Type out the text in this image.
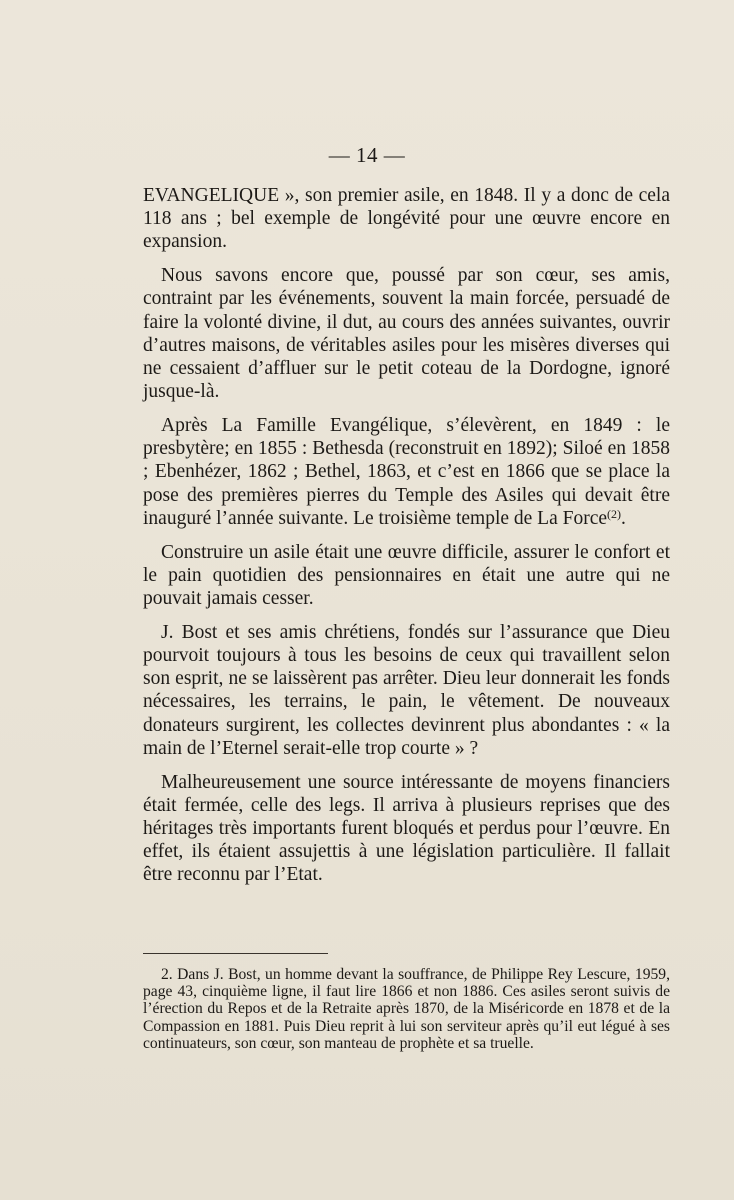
— 14 —

EVANGELIQUE », son premier asile, en 1848. Il y a donc de cela 118 ans ; bel exemple de longévité pour une œuvre encore en expansion.

Nous savons encore que, poussé par son cœur, ses amis, contraint par les événements, souvent la main forcée, persuadé de faire la volonté divine, il dut, au cours des années suivantes, ouvrir d’autres maisons, de véritables asiles pour les misères diverses qui ne cessaient d’affluer sur le petit coteau de la Dordogne, ignoré jusque-là.

Après La Famille Evangélique, s’élevèrent, en 1849 : le presbytère; en 1855 : Bethesda (reconstruit en 1892); Siloé en 1858 ; Ebenhézer, 1862 ; Bethel, 1863, et c’est en 1866 que se place la pose des premières pierres du Temple des Asiles qui devait être inauguré l’année suivante. Le troisième temple de La Force$^{(2)}$.

Construire un asile était une œuvre difficile, assurer le confort et le pain quotidien des pensionnaires en était une autre qui ne pouvait jamais cesser.

J. Bost et ses amis chrétiens, fondés sur l’assurance que Dieu pourvoit toujours à tous les besoins de ceux qui travaillent selon son esprit, ne se laissèrent pas arrêter. Dieu leur donnerait les fonds nécessaires, les terrains, le pain, le vêtement. De nouveaux donateurs surgirent, les collectes devinrent plus abondantes : « la main de l’Eternel serait-elle trop courte » ?

Malheureusement une source intéressante de moyens financiers était fermée, celle des legs. Il arriva à plusieurs reprises que des héritages très importants furent bloqués et perdus pour l’œuvre. En effet, ils étaient assujettis à une législation particulière. Il fallait être reconnu par l’Etat.

2. Dans J. Bost, un homme devant la souffrance, de Philippe Rey Lescure, 1959, page 43, cinquième ligne, il faut lire 1866 et non 1886. Ces asiles seront suivis de l’érection du Repos et de la Retraite après 1870, de la Miséricorde en 1878 et de la Compassion en 1881. Puis Dieu reprit à lui son serviteur après qu’il eut légué à ses continuateurs, son cœur, son manteau de prophète et sa truelle.
